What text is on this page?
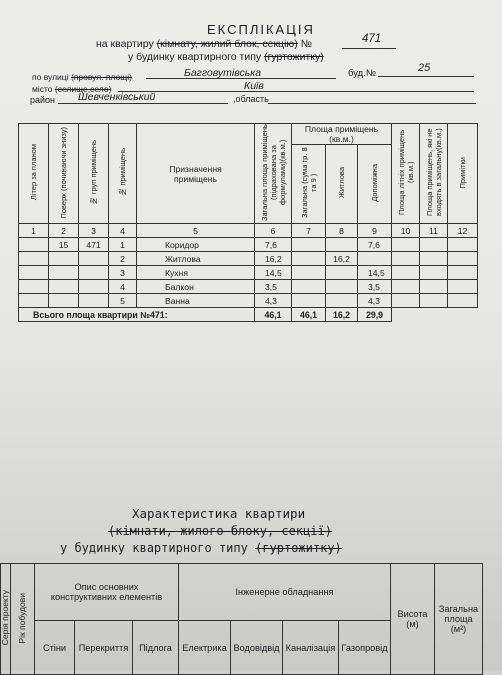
ЕКСПЛІКАЦІЯ
на квартиру (кімнату, жилий блок, секцію) №	471
у будинку квартирного типу (гуртожитку)
по вулиці (провул. площі)	Багговутівська	буд.№	25
місто (селище,село)	Київ
район Шевченківський	,область
Літер за планом	Поверх (починаючи знизу)	№ груп приміщень	№ приміщень	Призначення приміщень	Загальна площа приміщень (підрахована за формулами)(кв.м.)	Площа приміщень (кв.м.)			Площа літніх приміщень (кв.м.)	Площа приміщень, які не входять в загальну(кв.м.)	Примітки
						Загальна (сума гр. 8 та 9 )	Житлова	Допоміжна			
1	2	3	4	5	6	7	8	9	10	11	12
	15	471	1	Коридор	7,6			7,6			
			2	Житлова	16,2		16,2				
			3	Кухня	14,5			14,5			
			4	Балкон	3,5			3,5			
			5	Ванна	4,3			4,3			
Всього площа квартири №471:					46,1	46,1	16,2	29,9			
Характеристика квартири
(кімнати, жилого блоку, секції)
у будинку квартирного типу (гуртожитку)
Серія проекту	Рік побудови	Опис основних конструктивних елементів			Інженерне обладнання				Висота (м)	Загальна площа (м²)
		Стіни	Перекриття	Підлога	Електрика	Водовідвід	Каналізація	Газопровід		
